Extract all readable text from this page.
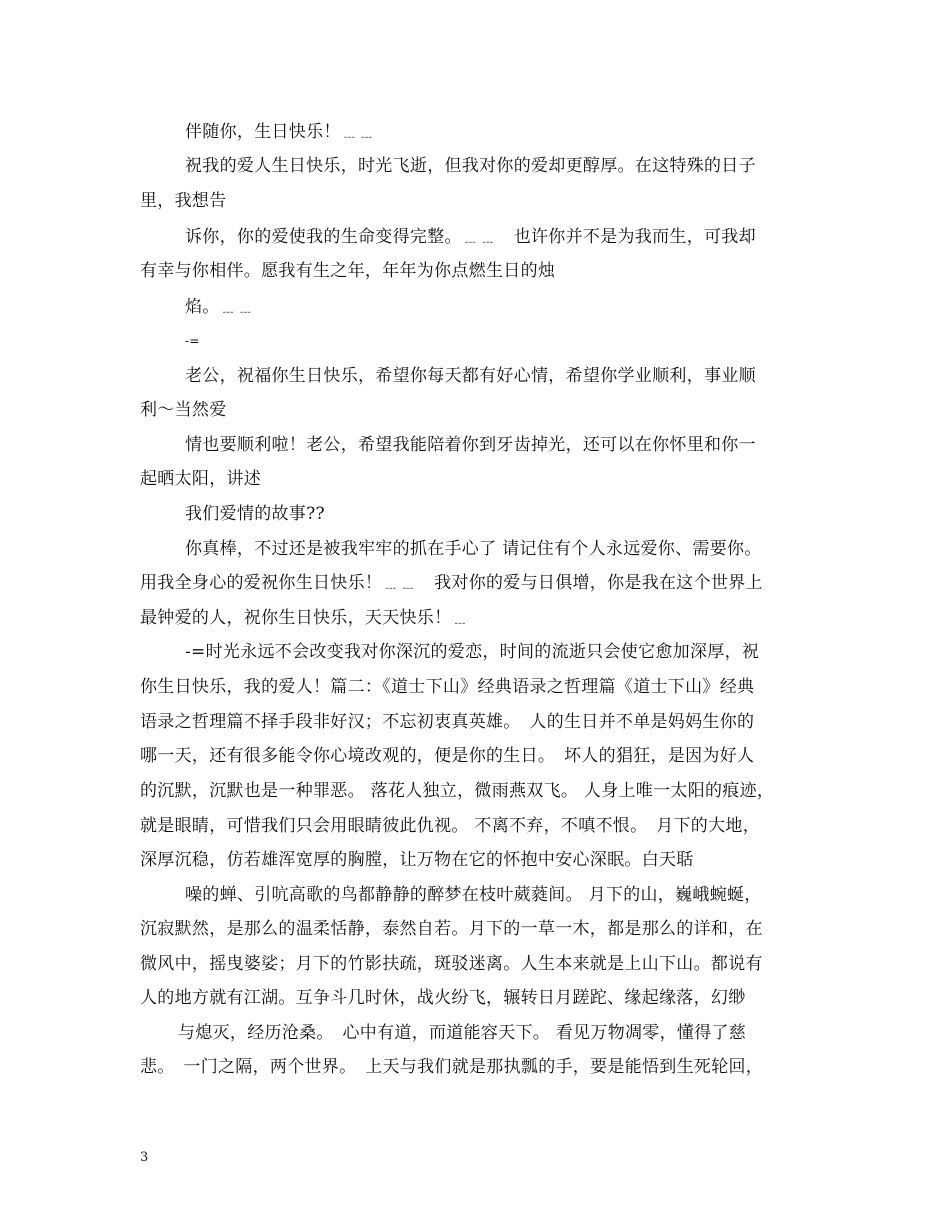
伴随你，生日快乐！﹍﹍
祝我的爱人生日快乐，时光飞逝，但我对你的爱却更醇厚。在这特殊的日子
里，我想告
诉你，你的爱使我的生命变得完整。﹍﹍　也许你并不是为我而生，可我却
有幸与你相伴。愿我有生之年，年年为你点燃生日的烛
焰。﹍﹍
-=
老公，祝福你生日快乐，希望你每天都有好心情，希望你学业顺利，事业顺
利～当然爱
情也要顺利啦！老公，希望我能陪着你到牙齿掉光，还可以在你怀里和你一
起晒太阳，讲述
我们爱情的故事??
你真棒，不过还是被我牢牢的抓在手心了 请记住有个人永远爱你、需要你。
用我全身心的爱祝你生日快乐！﹍﹍　我对你的爱与日俱增，你是我在这个世界上
最钟爱的人，祝你生日快乐，天天快乐！﹍
-=时光永远不会改变我对你深沉的爱恋，时间的流逝只会使它愈加深厚，祝
你生日快乐，我的爱人！篇二：《道士下山》经典语录之哲理篇《道士下山》经典
语录之哲理篇不择手段非好汉；不忘初衷真英雄。　人的生日并不单是妈妈生你的
哪一天，还有很多能令你心境改观的，便是你的生日。　坏人的猖狂，是因为好人
的沉默，沉默也是一种罪恶。 落花人独立，微雨燕双飞。 人身上唯一太阳的痕迹，
就是眼睛，可惜我们只会用眼睛彼此仇视。 不离不弃，不嗔不恨。　月下的大地，
深厚沉稳，仿若雄浑宽厚的胸膛，让万物在它的怀抱中安心深眠。白天聒
噪的蝉、引吭高歌的鸟都静静的醉梦在枝叶葳蕤间。 月下的山，巍峨蜿蜒，
沉寂默然，是那么的温柔恬静，泰然自若。月下的一草一木，都是那么的详和，在
微风中，摇曳婆娑；月下的竹影扶疏，斑驳迷离。人生本来就是上山下山。都说有
人的地方就有江湖。互争斗几时休，战火纷飞，辗转日月蹉跎、缘起缘落，幻缈
与熄灭，经历沧桑。　心中有道，而道能容天下。 看见万物凋零，懂得了慈
悲。　一门之隔，两个世界。　上天与我们就是那执瓢的手，要是能悟到生死轮回，
3
